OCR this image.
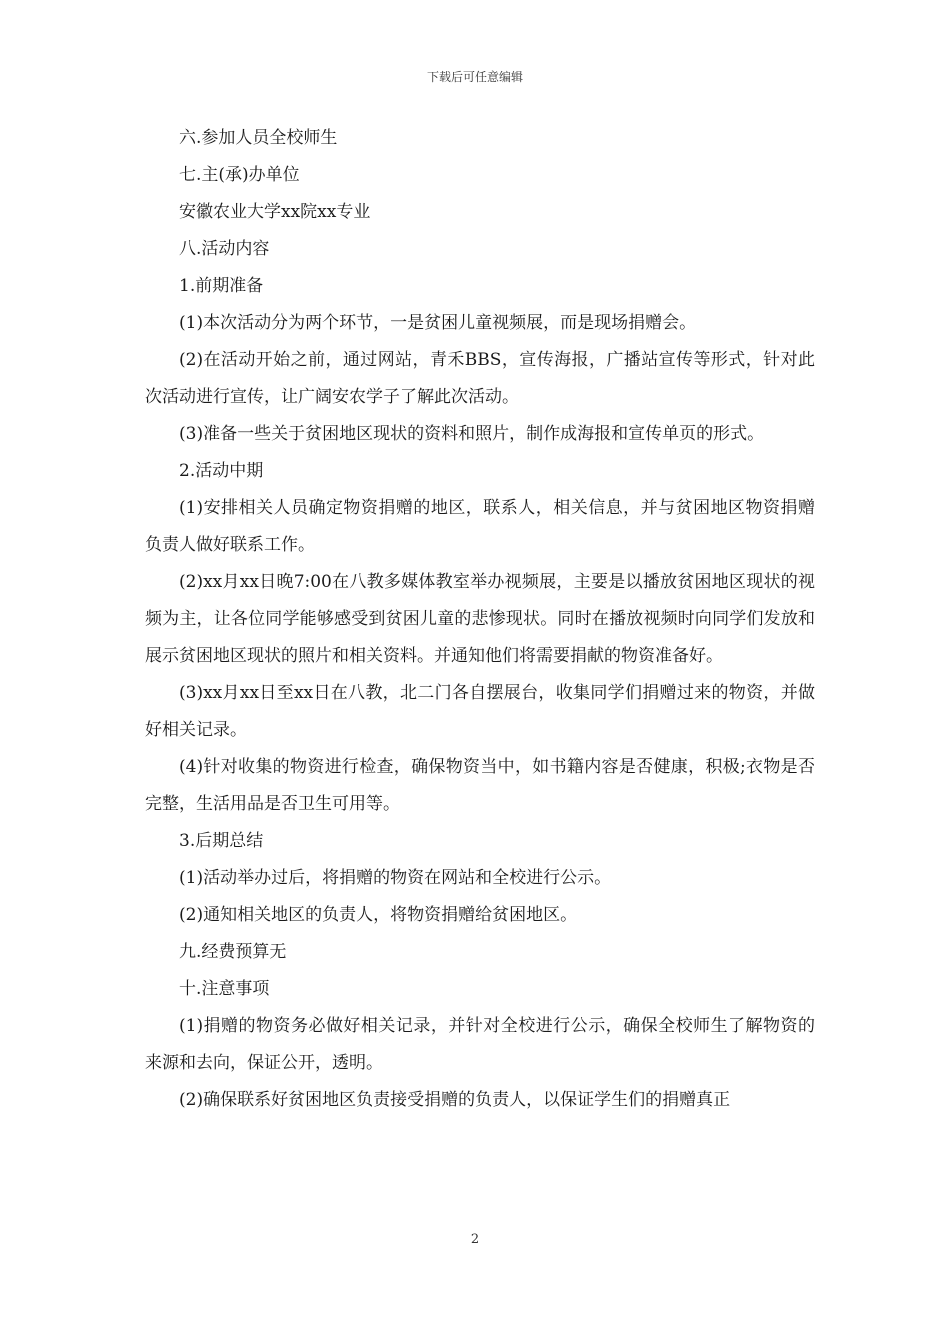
下载后可任意编辑

六.参加人员全校师生

七.主(承)办单位

安徽农业大学xx院xx专业

八.活动内容

1.前期准备

(1)本次活动分为两个环节，一是贫困儿童视频展，而是现场捐赠会。

(2)在活动开始之前，通过网站，青禾BBS，宣传海报，广播站宣传等形式，针对此次活动进行宣传，让广阔安农学子了解此次活动。

(3)准备一些关于贫困地区现状的资料和照片，制作成海报和宣传单页的形式。

2.活动中期

(1)安排相关人员确定物资捐赠的地区，联系人，相关信息，并与贫困地区物资捐赠负责人做好联系工作。

(2)xx月xx日晚7:00在八教多媒体教室举办视频展，主要是以播放贫困地区现状的视频为主，让各位同学能够感受到贫困儿童的悲惨现状。同时在播放视频时向同学们发放和展示贫困地区现状的照片和相关资料。并通知他们将需要捐献的物资准备好。

(3)xx月xx日至xx日在八教，北二门各自摆展台，收集同学们捐赠过来的物资，并做好相关记录。

(4)针对收集的物资进行检查，确保物资当中，如书籍内容是否健康，积极;衣物是否完整，生活用品是否卫生可用等。

3.后期总结

(1)活动举办过后，将捐赠的物资在网站和全校进行公示。

(2)通知相关地区的负责人，将物资捐赠给贫困地区。

九.经费预算无

十.注意事项

(1)捐赠的物资务必做好相关记录，并针对全校进行公示，确保全校师生了解物资的来源和去向，保证公开，透明。

(2)确保联系好贫困地区负责接受捐赠的负责人，以保证学生们的捐赠真正

2
